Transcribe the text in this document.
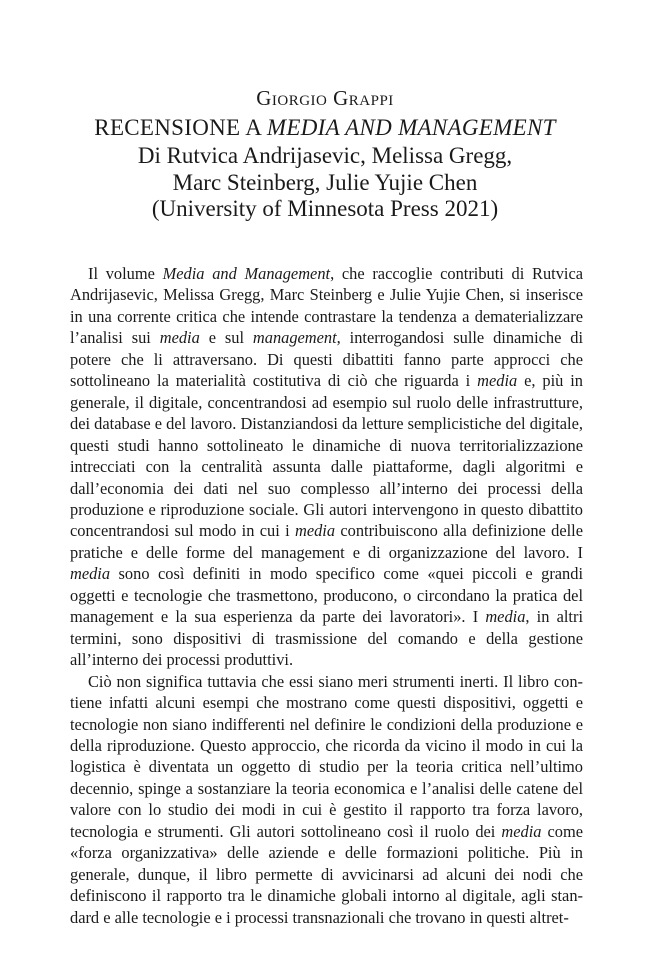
Giorgio Grappi
RECENSIONE A MEDIA AND MANAGEMENT
Di Rutvica Andrijasevic, Melissa Gregg,
Marc Steinberg, Julie Yujie Chen
(University of Minnesota Press 2021)

Il volume Media and Management, che raccoglie contributi di Rutvica Andrijasevic, Melissa Gregg, Marc Steinberg e Julie Yujie Chen, si inserisce in una corrente critica che intende contrastare la tendenza a dematerializzare l’analisi sui media e sul management, interrogandosi sulle dinamiche di potere che li attraversano. Di questi dibattiti fanno parte approcci che sottolineano la materialità costitutiva di ciò che riguarda i media e, più in generale, il digitale, concentrandosi ad esempio sul ruolo delle infrastrutture, dei database e del lavoro. Distanziandosi da letture semplicistiche del digitale, questi studi hanno sottolineato le dinamiche di nuova territorializzazione intrecciati con la centralità assunta dalle piattaforme, dagli algoritmi e dall’economia dei dati nel suo complesso all’interno dei processi della produzione e riproduzione sociale. Gli autori intervengono in questo dibattito concentrandosi sul modo in cui i media contribuiscono alla definizione delle pratiche e delle forme del management e di organizzazione del lavoro. I media sono così definiti in modo specifico come «quei piccoli e grandi oggetti e tecnologie che trasmettono, producono, o circondano la pratica del management e la sua esperienza da parte dei lavoratori». I media, in altri termini, sono dispositivi di trasmissione del comando e della gestione all’interno dei processi produttivi.

Ciò non significa tuttavia che essi siano meri strumenti inerti. Il libro contiene infatti alcuni esempi che mostrano come questi dispositivi, oggetti e tecnologie non siano indifferenti nel definire le condizioni della produzione e della riproduzione. Questo approccio, che ricorda da vicino il modo in cui la logistica è diventata un oggetto di studio per la teoria critica nell’ultimo decennio, spinge a sostanziare la teoria economica e l’analisi delle catene del valore con lo studio dei modi in cui è gestito il rapporto tra forza lavoro, tecnologia e strumenti. Gli autori sottolineano così il ruolo dei media come «forza organizzativa» delle aziende e delle formazioni politiche. Più in generale, dunque, il libro permette di avvicinarsi ad alcuni dei nodi che definiscono il rapporto tra le dinamiche globali intorno al digitale, agli standard e alle tecnologie e i processi transnazionali che trovano in questi altret-
